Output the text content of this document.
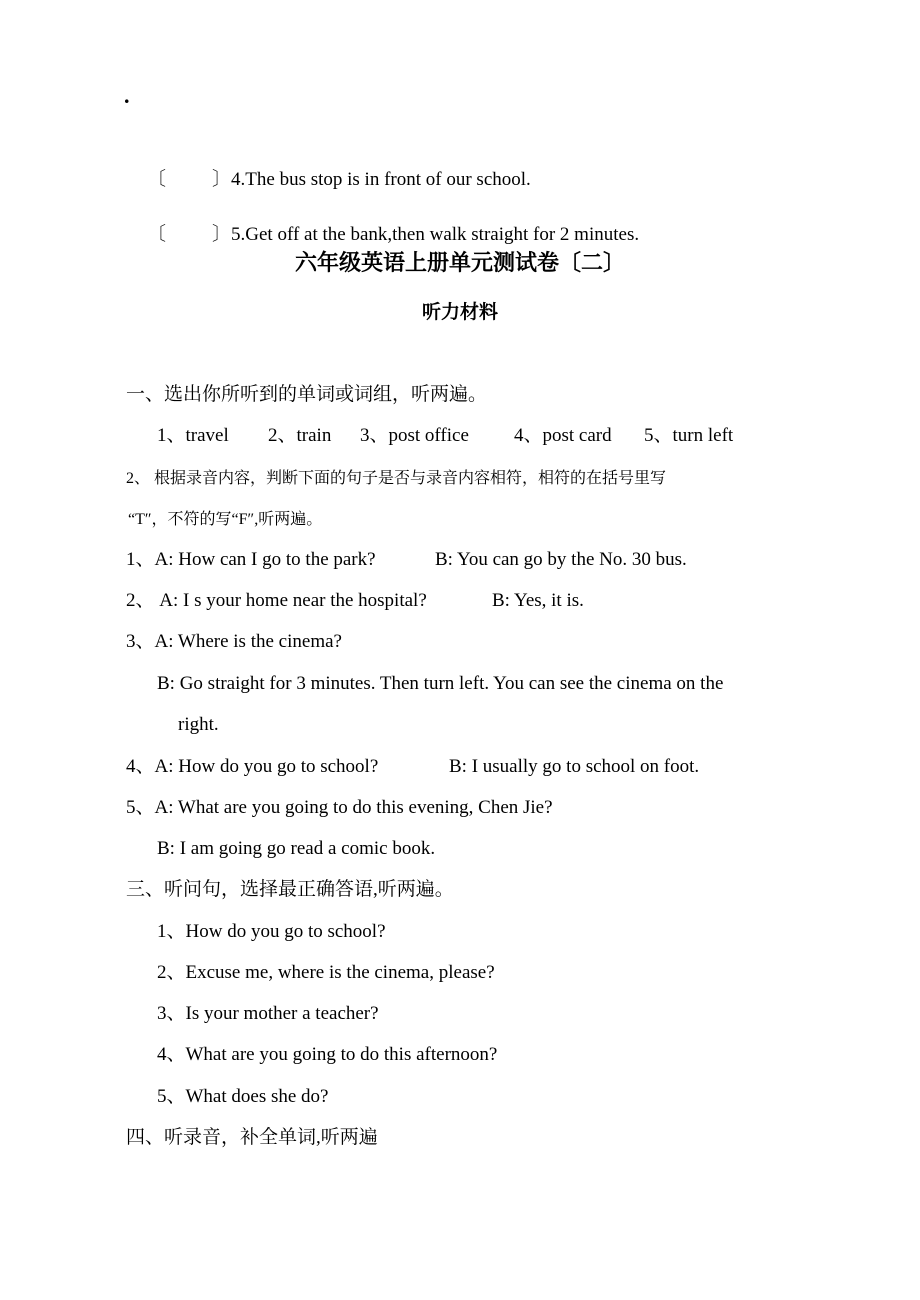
.

〔 〕4.The bus stop is in front of our school.

〔 〕5.Get off at the bank,then walk straight for 2 minutes.

六年级英语上册单元测试卷〔二〕
听力材料
一、选出你所听到的单词或词组，听两遍。
1、travel 2、train 3、post office 4、post card 5、turn left
2、 根据录音内容，判断下面的句子是否与录音内容相符，相符的在括号里写
“T″，不符的写“F″,听两遍。
1、A: How can I go to the park?	B: You can go by the No. 30 bus.
2、 A: I s your home near the hospital?	B: Yes, it is.
3、A: Where is the cinema?
B: Go straight for 3 minutes. Then turn left. You can see the cinema on the
right.
4、A: How do you go to school?	B: I usually go to school on foot.
5、A: What are you going to do this evening, Chen Jie?
B: I am going go read a comic book.
三、听问句，选择最正确答语,听两遍。
1、How do you go to school?
2、Excuse me, where is the cinema, please?
3、Is your mother a teacher?
4、What are you going to do this afternoon?
5、What does she do?
四、听录音，补全单词,听两遍
